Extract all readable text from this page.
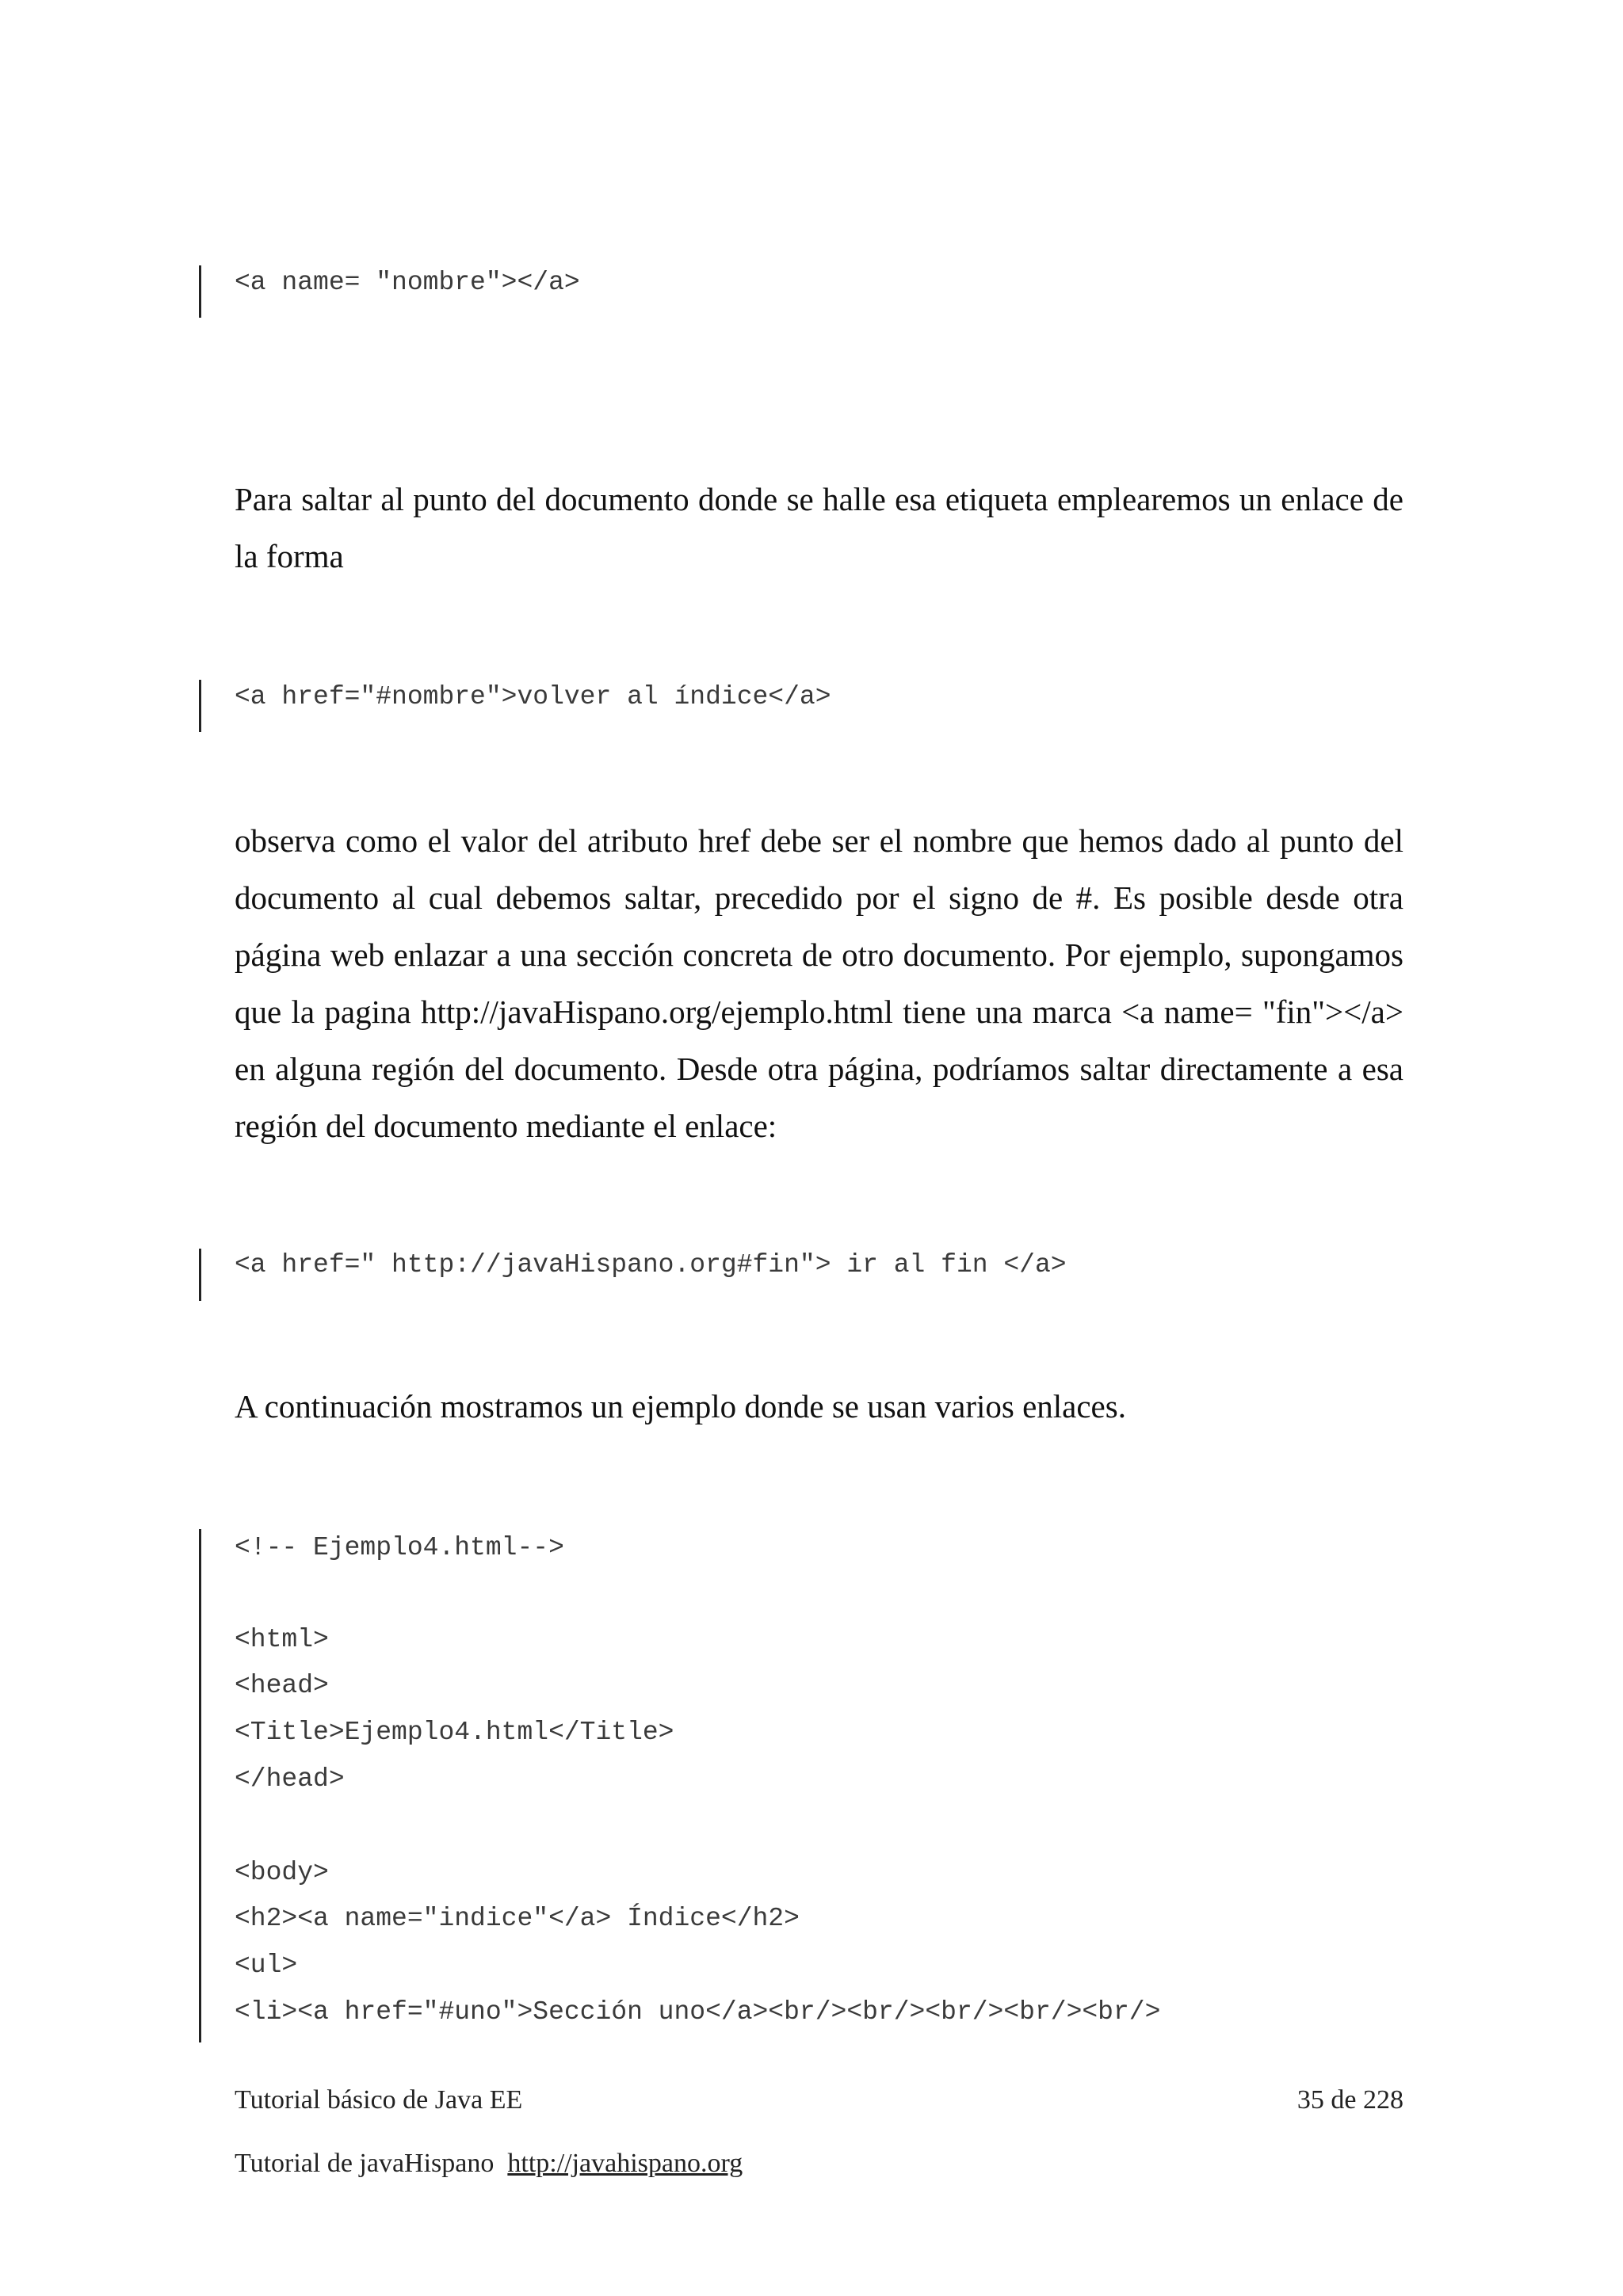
<a name= "nombre"></a>

Para saltar al punto del documento donde se halle esa etiqueta emplearemos un enlace de la forma

<a href="#nombre">volver al índice</a>

observa como el valor del atributo href debe ser el nombre que hemos dado al punto del documento al cual debemos saltar, precedido por el signo de #. Es posible desde otra página web enlazar a una sección concreta de otro documento. Por ejemplo, supongamos que la pagina http://javaHispano.org/ejemplo.html tiene una marca <a name= "fin"></a> en alguna región del documento. Desde otra página, podríamos saltar directamente a esa región del documento mediante el enlace:

<a href=" http://javaHispano.org#fin"> ir al fin </a>

A continuación mostramos un ejemplo donde se usan varios enlaces.

<!-- Ejemplo4.html-->
<html>
<head>
<Title>Ejemplo4.html</Title>
</head>
<body>
<h2><a name="indice"</a> Índice</h2>
<ul>
<li><a href="#uno">Sección uno</a><br/><br/><br/><br/><br/>
Tutorial básico de Java EE	35 de 228
Tutorial de javaHispano http://javahispano.org
